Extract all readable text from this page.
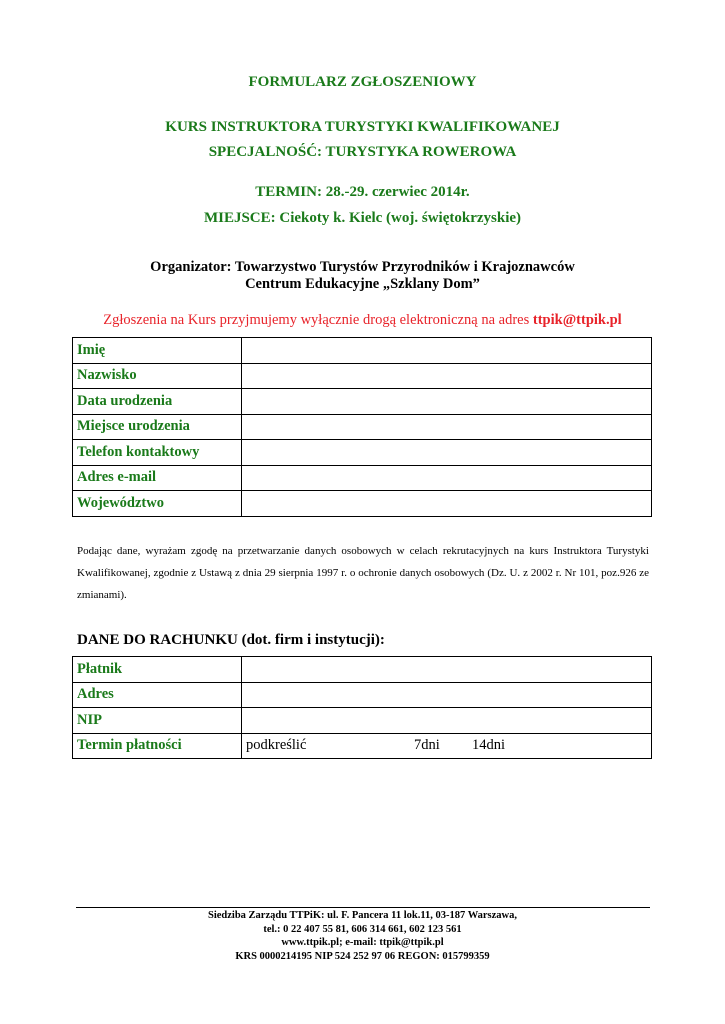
FORMULARZ ZGŁOSZENIOWY
KURS INSTRUKTORA TURYSTYKI KWALIFIKOWANEJ
SPECJALNOŚĆ: TURYSTYKA ROWEROWA
TERMIN: 28.-29. czerwiec 2014r.
MIEJSCE: Ciekoty k. Kielc (woj. świętokrzyskie)
Organizator: Towarzystwo Turystów Przyrodników i Krajoznawców
Centrum Edukacyjne „Szklany Dom”
Zgłoszenia na Kurs przyjmujemy wyłącznie drogą elektroniczną na adres ttpik@ttpik.pl
Imię	
Nazwisko	
Data urodzenia	
Miejsce urodzenia	
Telefon kontaktowy	
Adres e-mail	
Województwo	
Podając dane, wyrażam zgodę na przetwarzanie danych osobowych w celach rekrutacyjnych na kurs Instruktora Turystyki Kwalifikowanej, zgodnie z Ustawą z dnia 29 sierpnia 1997 r. o ochronie danych osobowych (Dz. U. z 2002 r. Nr 101, poz.926 ze zmianami).
DANE DO RACHUNKU (dot. firm i instytucji):
Płatnik	
Adres	
NIP	
Termin płatności	podkreślić 7dni 14dni
Siedziba Zarządu TTPiK: ul. F. Pancera 11 lok.11, 03-187 Warszawa,
tel.: 0 22 407 55 81, 606 314 661, 602 123 561
www.ttpik.pl; e-mail: ttpik@ttpik.pl
KRS 0000214195 NIP 524 252 97 06 REGON: 015799359
